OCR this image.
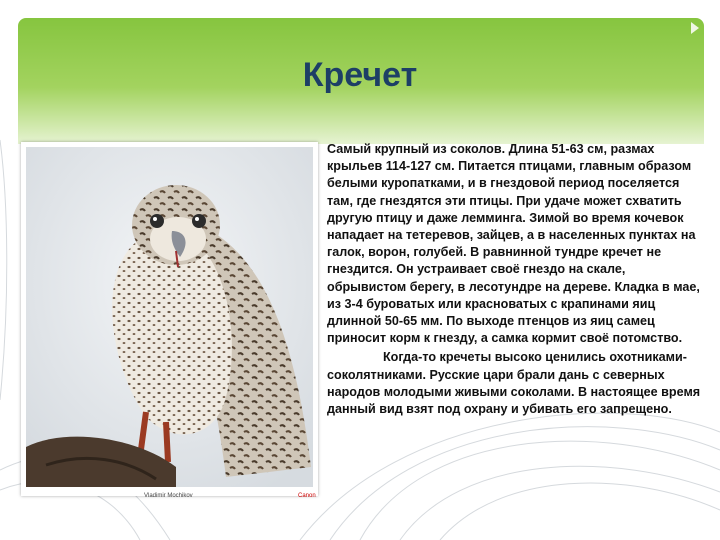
Кречет
Vladimir Mochikov	Canon

Самый крупный из соколов. Длина 51-63 см, размах крыльев 114-127 см. Питается птицами, главным образом белыми куропатками, и в гнездовой период поселяется там, где гнездятся эти птицы. При удаче может схватить другую птицу и даже лемминга. Зимой во время кочевок нападает на тетеревов, зайцев, а в населенных пунктах на галок, ворон, голубей. В равнинной тундре кречет не гнездится. Он устраивает своё гнездо на скале, обрывистом берегу, в лесотундре на дереве. Кладка в мае, из 3-4 буроватых или красноватых с крапинами яиц длинной 50-65 мм. По выходе птенцов из яиц самец приносит корм к гнезду, а самка кормит своё потомство.

Когда-то кречеты высоко ценились охотниками-соколятниками. Русские цари брали дань с северных народов молодыми живыми соколами. В настоящее время данный вид взят под охрану и убивать его запрещено.
